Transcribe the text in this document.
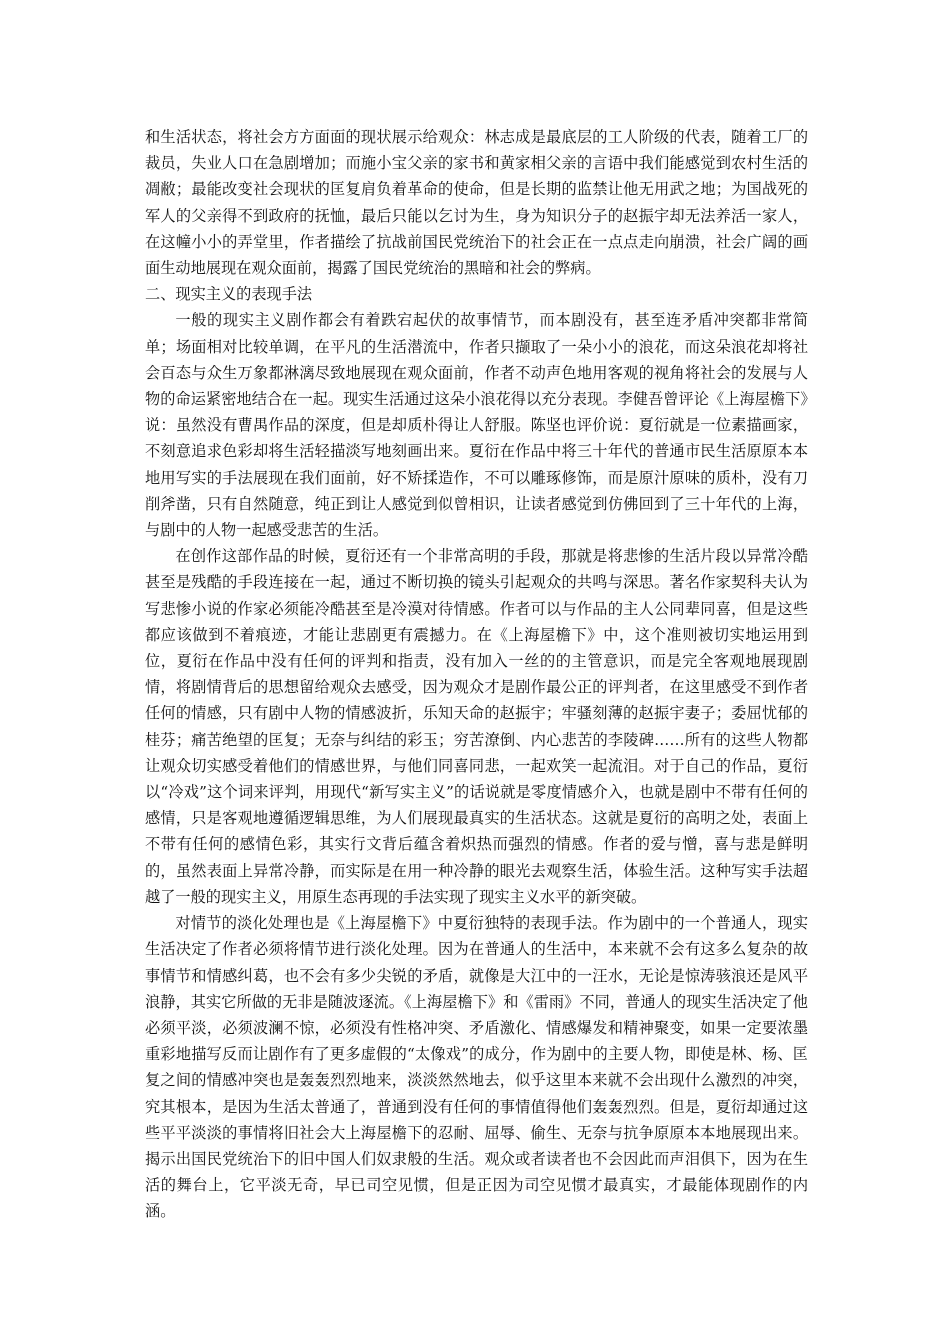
和生活状态，将社会方方面面的现状展示给观众：林志成是最底层的工人阶级的代表，随着工厂的裁员，失业人口在急剧增加；而施小宝父亲的家书和黄家相父亲的言语中我们能感觉到农村生活的凋敝；最能改变社会现状的匡复肩负着革命的使命，但是长期的监禁让他无用武之地；为国战死的军人的父亲得不到政府的抚恤，最后只能以乞讨为生，身为知识分子的赵振宇却无法养活一家人，在这幢小小的弄堂里，作者描绘了抗战前国民党统治下的社会正在一点点走向崩溃，社会广阔的画面生动地展现在观众面前，揭露了国民党统治的黑暗和社会的弊病。

二、现实主义的表现手法

一般的现实主义剧作都会有着跌宕起伏的故事情节，而本剧没有，甚至连矛盾冲突都非常简单；场面相对比较单调，在平凡的生活潜流中，作者只撷取了一朵小小的浪花，而这朵浪花却将社会百态与众生万象都淋漓尽致地展现在观众面前，作者不动声色地用客观的视角将社会的发展与人物的命运紧密地结合在一起。现实生活通过这朵小浪花得以充分表现。李健吾曾评论《上海屋檐下》说：虽然没有曹禺作品的深度，但是却质朴得让人舒服。陈坚也评价说：夏衍就是一位素描画家，不刻意追求色彩却将生活轻描淡写地刻画出来。夏衍在作品中将三十年代的普通市民生活原原本本地用写实的手法展现在我们面前，好不矫揉造作，不可以雕琢修饰，而是原汁原味的质朴，没有刀削斧凿，只有自然随意，纯正到让人感觉到似曾相识，让读者感觉到仿佛回到了三十年代的上海，与剧中的人物一起感受悲苦的生活。

在创作这部作品的时候，夏衍还有一个非常高明的手段，那就是将悲惨的生活片段以异常冷酷甚至是残酷的手段连接在一起，通过不断切换的镜头引起观众的共鸣与深思。著名作家契科夫认为写悲惨小说的作家必须能冷酷甚至是冷漠对待情感。作者可以与作品的主人公同辈同喜，但是这些都应该做到不着痕迹，才能让悲剧更有震撼力。在《上海屋檐下》中，这个准则被切实地运用到位，夏衍在作品中没有任何的评判和指责，没有加入一丝的的主管意识，而是完全客观地展现剧情，将剧情背后的思想留给观众去感受，因为观众才是剧作最公正的评判者，在这里感受不到作者任何的情感，只有剧中人物的情感波折，乐知天命的赵振宇；牢骚刻薄的赵振宇妻子；委屈忧郁的桂芬；痛苦绝望的匡复；无奈与纠结的彩玉；穷苦潦倒、内心悲苦的李陵碑……所有的这些人物都让观众切实感受着他们的情感世界，与他们同喜同悲，一起欢笑一起流泪。对于自己的作品，夏衍以“冷戏”这个词来评判，用现代“新写实主义”的话说就是零度情感介入，也就是剧中不带有任何的感情，只是客观地遵循逻辑思维，为人们展现最真实的生活状态。这就是夏衍的高明之处，表面上不带有任何的感情色彩，其实行文背后蕴含着炽热而强烈的情感。作者的爱与憎，喜与悲是鲜明的，虽然表面上异常冷静，而实际是在用一种冷静的眼光去观察生活，体验生活。这种写实手法超越了一般的现实主义，用原生态再现的手法实现了现实主义水平的新突破。

对情节的淡化处理也是《上海屋檐下》中夏衍独特的表现手法。作为剧中的一个普通人，现实生活决定了作者必须将情节进行淡化处理。因为在普通人的生活中，本来就不会有这多么复杂的故事情节和情感纠葛，也不会有多少尖锐的矛盾，就像是大江中的一汪水，无论是惊涛骇浪还是风平浪静，其实它所做的无非是随波逐流。《上海屋檐下》和《雷雨》不同，普通人的现实生活决定了他必须平淡，必须波澜不惊，必须没有性格冲突、矛盾激化、情感爆发和精神聚变，如果一定要浓墨重彩地描写反而让剧作有了更多虚假的“太像戏”的成分，作为剧中的主要人物，即使是林、杨、匡复之间的情感冲突也是轰轰烈烈地来，淡淡然然地去，似乎这里本来就不会出现什么激烈的冲突，究其根本，是因为生活太普通了，普通到没有任何的事情值得他们轰轰烈烈。但是，夏衍却通过这些平平淡淡的事情将旧社会大上海屋檐下的忍耐、屈辱、偷生、无奈与抗争原原本本地展现出来。揭示出国民党统治下的旧中国人们奴隶般的生活。观众或者读者也不会因此而声泪俱下，因为在生活的舞台上，它平淡无奇，早已司空见惯，但是正因为司空见惯才最真实，才最能体现剧作的内涵。
